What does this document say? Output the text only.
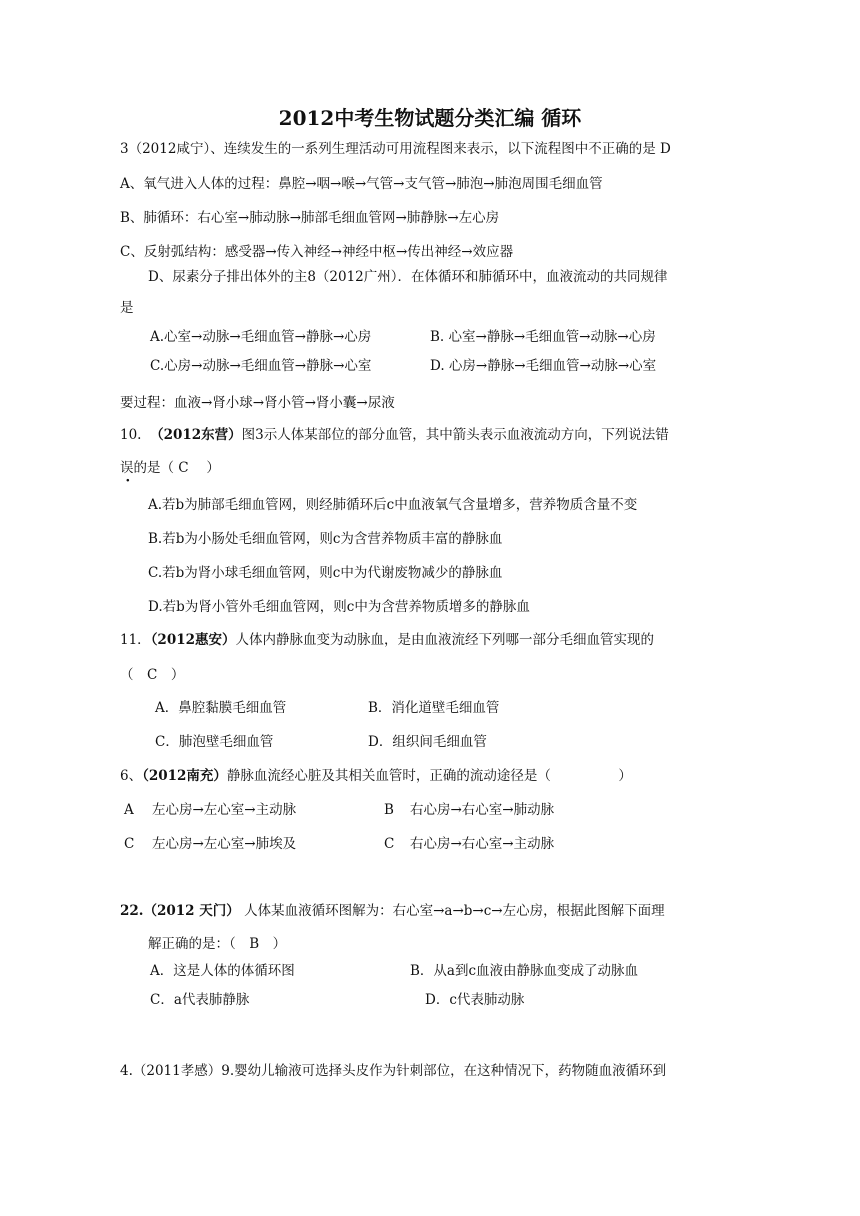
2012中考生物试题分类汇编 循环
3（2012咸宁）、连续发生的一系列生理活动可用流程图来表示，以下流程图中不正确的是 D
A、氧气进入人体的过程：鼻腔→咽→喉→气管→支气管→肺泡→肺泡周围毛细血管
B、肺循环：右心室→肺动脉→肺部毛细血管网→肺静脉→左心房
C、反射弧结构：感受器→传入神经→神经中枢→传出神经→效应器
D、尿素分子排出体外的主8（2012广州）．在体循环和肺循环中，血液流动的共同规律
是
A.心室→动脉→毛细血管→静脉→心房	B. 心室→静脉→毛细血管→动脉→心房
C.心房→动脉→毛细血管→静脉→心室	D. 心房→静脉→毛细血管→动脉→心室
要过程：血液→肾小球→肾小管→肾小囊→尿液
10. （2012东营）图3示人体某部位的部分血管，其中箭头表示血液流动方向，下列说法错
误的是（ C　 ）
A.若b为肺部毛细血管网，则经肺循环后c中血液氧气含量增多，营养物质含量不变
B.若b为小肠处毛细血管网，则c为含营养物质丰富的静脉血
C.若b为肾小球毛细血管网，则c中为代谢废物减少的静脉血
D.若b为肾小管外毛细血管网，则c中为含营养物质增多的静脉血
11．（2012惠安）人体内静脉血变为动脉血，是由血液流经下列哪一部分毛细血管实现的
（　C　）
A．鼻腔黏膜毛细血管	B．消化道壁毛细血管
C．肺泡壁毛细血管	D．组织间毛细血管
6、（2012南充）静脉血流经心脏及其相关血管时，正确的流动途径是（　　　　　）
A 左心房→左心室→主动脉	B 右心房→右心室→肺动脉
C 左心房→左心室→肺埃及	C 右心房→右心室→主动脉
22.（2012 天门） 人体某血液循环图解为：右心室→a→b→c→左心房，根据此图解下面理
解正确的是：（　B　）
A．这是人体的体循环图	B．从a到c血液由静脉血变成了动脉血
C．a代表肺静脉	D．c代表肺动脉
4.（2011孝感）9.婴幼儿输液可选择头皮作为针刺部位，在这种情况下，药物随血液循环到
